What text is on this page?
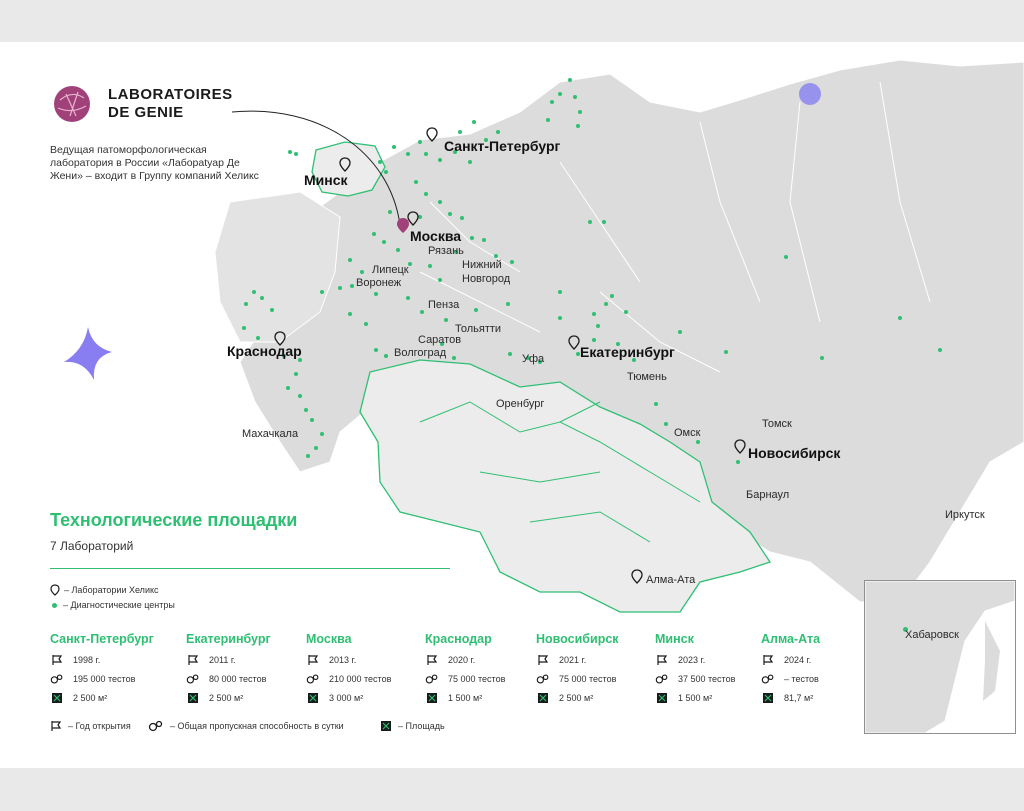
LABORATOIRES
DE GENIE
Ведущая патоморфологическая лаборатория в России «Лабораtуар Де Жени» – входит в Группу компаний Хеликс
Санкт-Петербург
Минск
Москва
Краснодар	Екатеринбург
Новосибирск
Алма-Ата
Рязань
Липецк
Воронеж
Нижний
Новгород
Пенза
Тольятти
Саратов
Волгоград	Уфа
Тюмень
Оренбург
Омск
Томск
Барнаул
Иркутск
Махачкала
Хабаровск
Технологические площадки
7 Лабораторий
– Лаборатории Хеликс
– Диагностические центры
Санкт-Петербург
1998 г.
195 000 тестов
2 500 м²
Екатеринбург
2011 г.
80 000 тестов
2 500 м²
Москва
2013 г.
210 000 тестов
3 000 м²
Краснодар
2020 г.
75 000 тестов
1 500 м²
Новосибирск
2021 г.
75 000 тестов
2 500 м²
Минск
2023 г.
37 500 тестов
1 500 м²
Алма-Ата
2024 г.
– тестов
81,7 м²
– Год открытия	– Общая пропускная способность в сутки	– Площадь
